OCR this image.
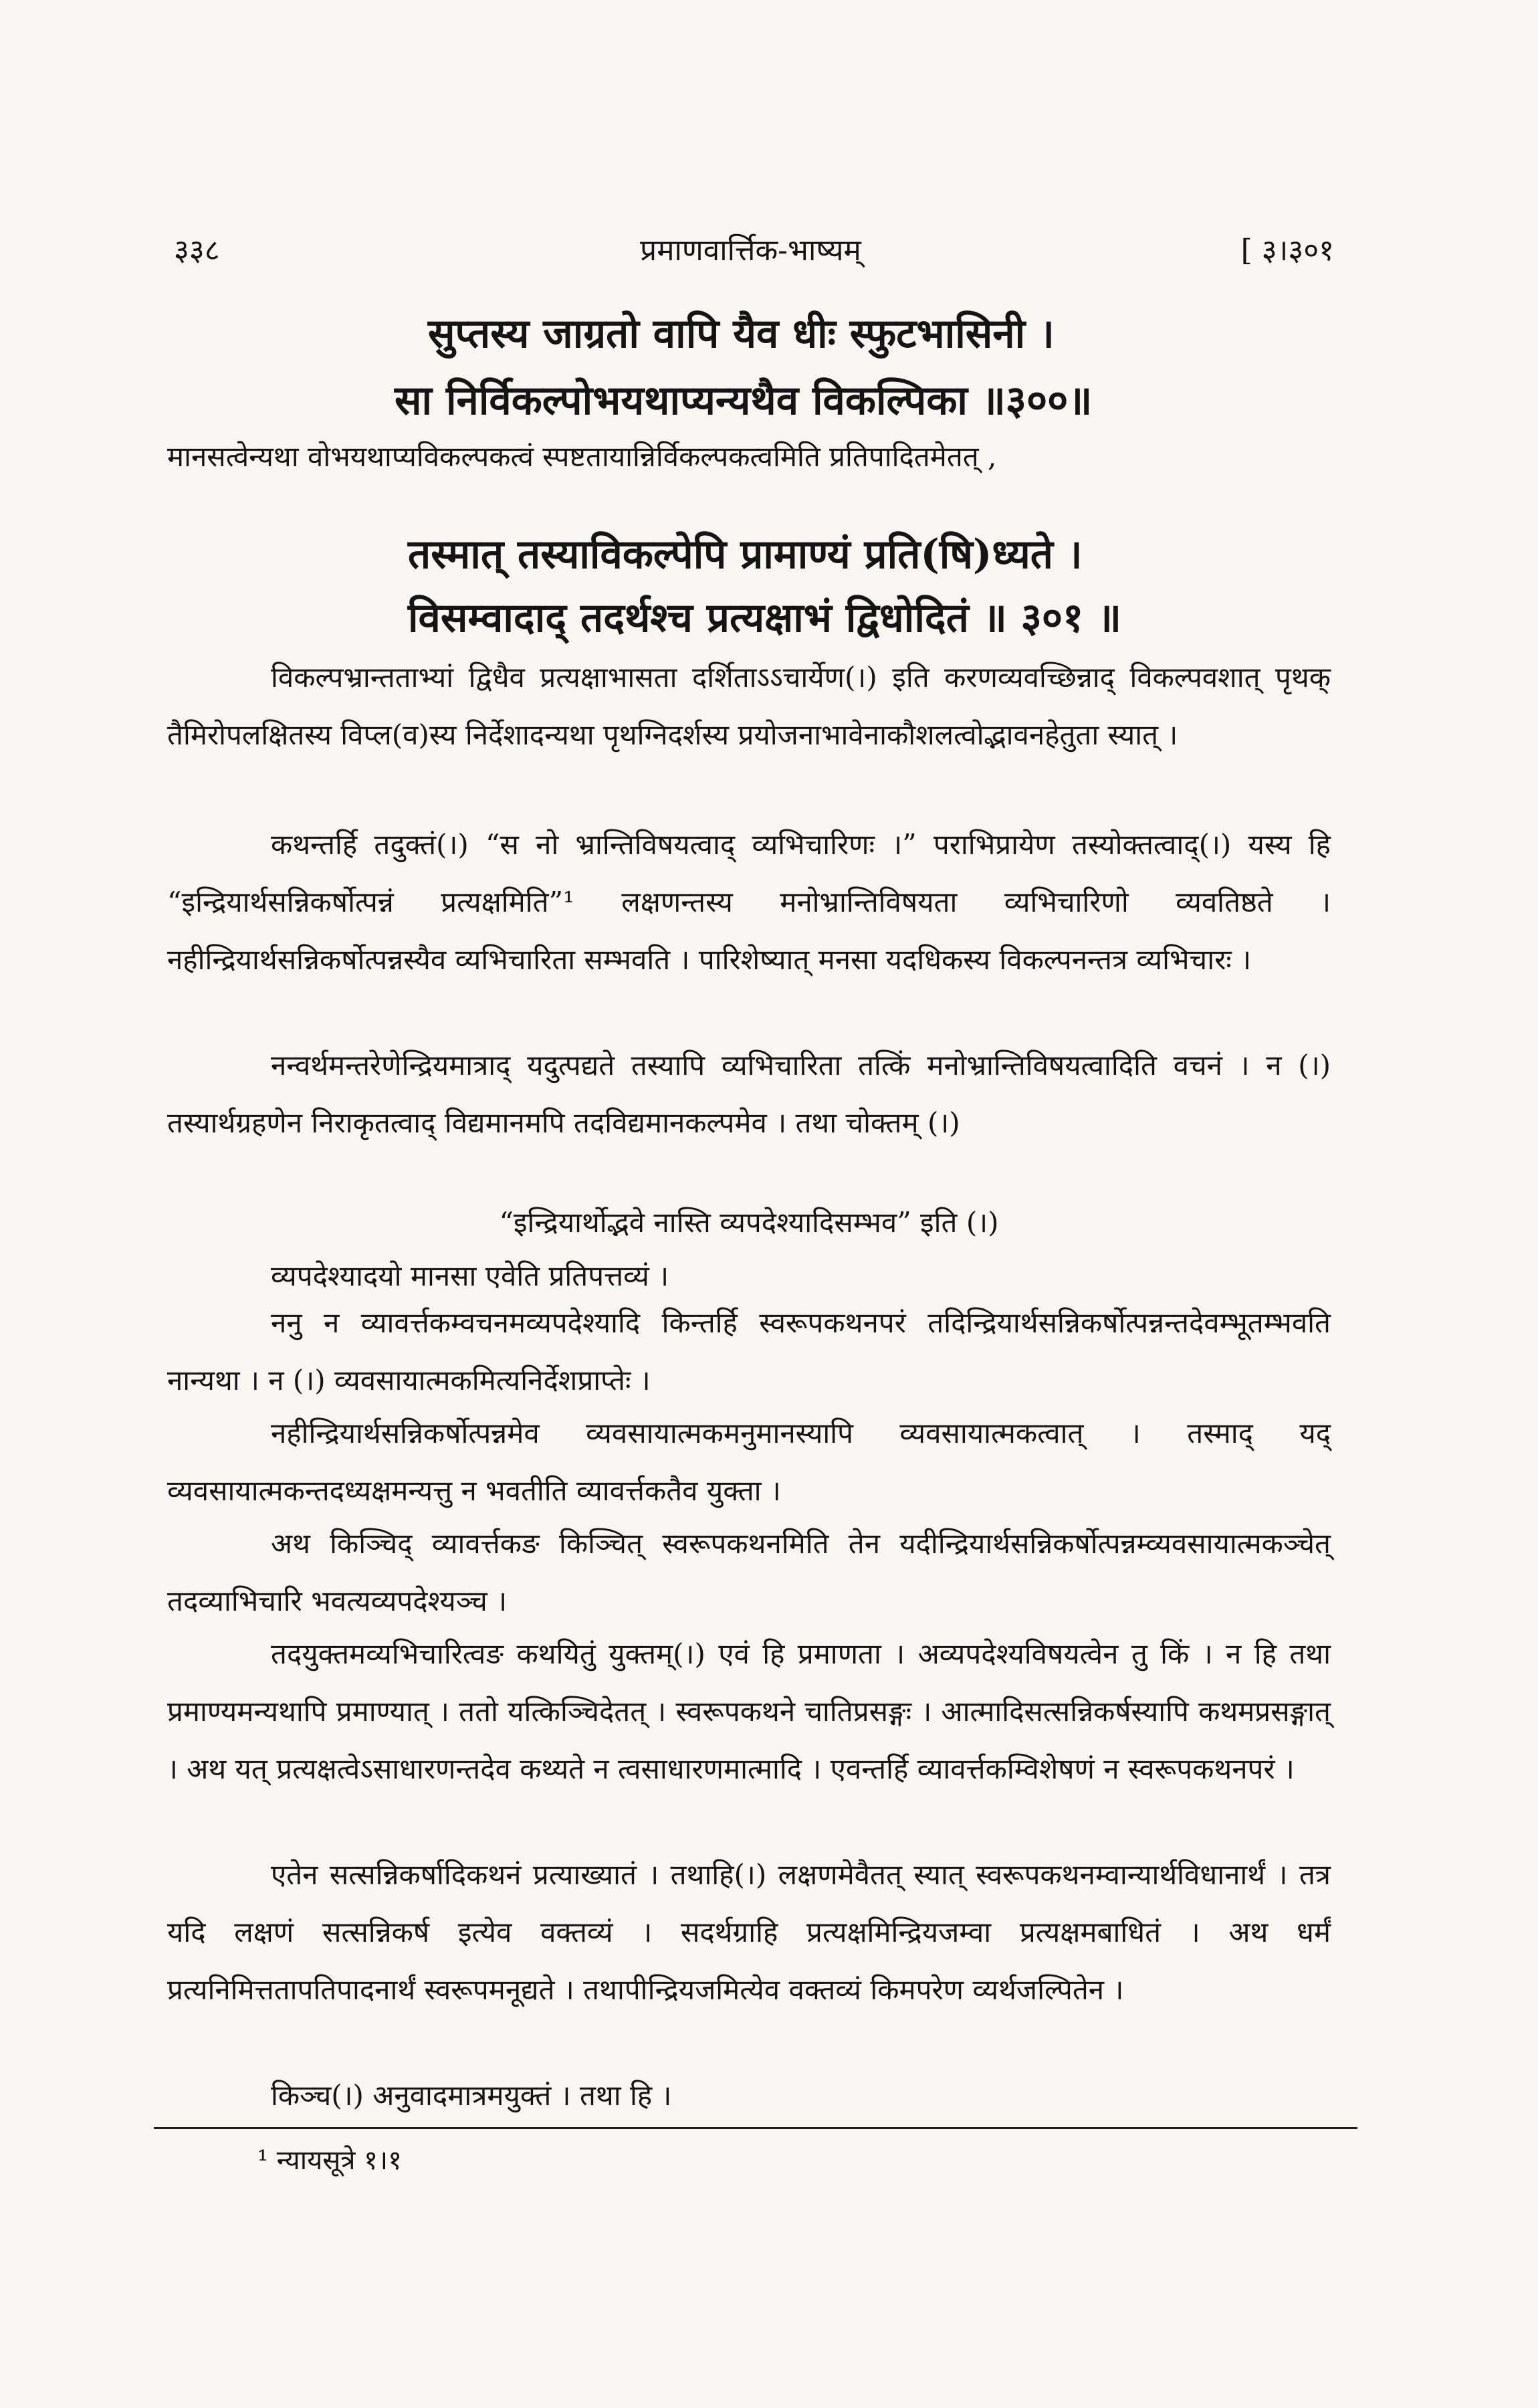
३३८	प्रमाणवार्त्तिक-भाष्यम्	[ ३।३०१
सुप्तस्य जाग्रतो वापि यैव धीः स्फुटभासिनी ।
सा निर्विकल्पोभयथाप्यन्यथैव विकल्पिका ॥३००॥
मानसत्वेन्यथा वोभयथाप्यविकल्पकत्वं स्पष्टतायान्निर्विकल्पकत्वमिति प्रतिपादितमेतत् ,
तस्मात् तस्याविकल्पेपि प्रामाण्यं प्रति(षि)ध्यते ।
विसम्वादाद् तदर्थश्च प्रत्यक्षाभं द्विधोदितं ॥ ३०१ ॥
विकल्पभ्रान्तताभ्यां द्विधैव प्रत्यक्षाभासता दर्शिताऽऽचार्येण(।) इति करणव्यवच्छिन्नाद् विकल्पवशात् पृथक् तैमिरोपलक्षितस्य विप्ल(व)स्य निर्देशादन्यथा पृथग्निदर्शस्य प्रयोजनाभावेनाकौशलत्वोद्भावनहेतुता स्यात् ।
कथन्तर्हि तदुक्तं(।) “स नो भ्रान्तिविषयत्वाद् व्यभिचारिणः ।” पराभिप्रायेण तस्योक्तत्वाद्(।) यस्य हि “इन्द्रियार्थसन्निकर्षोत्पन्नं प्रत्यक्षमिति”¹ लक्षणन्तस्य मनोभ्रान्तिविषयता व्यभिचारिणो व्यवतिष्ठते । नहीन्द्रियार्थसन्निकर्षोत्पन्नस्यैव व्यभिचारिता सम्भवति । पारिशेष्यात् मनसा यदधिकस्य विकल्पनन्तत्र व्यभिचारः ।
नन्वर्थमन्तरेणेन्द्रियमात्राद् यदुत्पद्यते तस्यापि व्यभिचारिता तत्किं मनोभ्रान्तिविषयत्वादिति वचनं । न (।) तस्यार्थग्रहणेन निराकृतत्वाद् विद्यमानमपि तदविद्यमानकल्पमेव । तथा चोक्तम् (।)
“इन्द्रियार्थोद्भवे नास्ति व्यपदेश्यादिसम्भव” इति (।)
व्यपदेश्यादयो मानसा एवेति प्रतिपत्तव्यं ।
ननु न व्यावर्त्तकम्वचनमव्यपदेश्यादि किन्तर्हि स्वरूपकथनपरं तदिन्द्रियार्थसन्निकर्षोत्पन्नन्तदेवम्भूतम्भवति नान्यथा । न (।) व्यवसायात्मकमित्यनिर्देशप्राप्तेः ।
नहीन्द्रियार्थसन्निकर्षोत्पन्नमेव व्यवसायात्मकमनुमानस्यापि व्यवसायात्मकत्वात् । तस्माद् यद् व्यवसायात्मकन्तदध्यक्षमन्यत्तु न भवतीति व्यावर्त्तकतैव युक्ता ।
अथ किञ्चिद् व्यावर्त्तकङ किञ्चित् स्वरूपकथनमिति तेन यदीन्द्रियार्थसन्निकर्षोत्पन्नम्व्यवसायात्मकञ्चेत् तदव्याभिचारि भवत्यव्यपदेश्यञ्च ।
तदयुक्तमव्यभिचारित्वङ कथयितुं युक्तम्(।) एवं हि प्रमाणता । अव्यपदेश्यविषयत्वेन तु किं । न हि तथा प्रमाण्यमन्यथापि प्रमाण्यात् । ततो यत्किञ्चिदेतत् । स्वरूपकथने चातिप्रसङ्गः । आत्मादिसत्सन्निकर्षस्यापि कथमप्रसङ्गात् । अथ यत् प्रत्यक्षत्वेऽसाधारणन्तदेव कथ्यते न त्वसाधारणमात्मादि । एवन्तर्हि व्यावर्त्तकम्विशेषणं न स्वरूपकथनपरं ।
एतेन सत्सन्निकर्षादिकथनं प्रत्याख्यातं । तथाहि(।) लक्षणमेवैतत् स्यात् स्वरूपकथनम्वान्यार्थविधानार्थं । तत्र यदि लक्षणं सत्सन्निकर्ष इत्येव वक्तव्यं । सदर्थग्राहि प्रत्यक्षमिन्द्रियजम्वा प्रत्यक्षमबाधितं । अथ धर्मं प्रत्यनिमित्ततापतिपादनार्थं स्वरूपमनूद्यते । तथापीन्द्रियजमित्येव वक्तव्यं किमपरेण व्यर्थजल्पितेन ।
किञ्च(।) अनुवादमात्रमयुक्तं । तथा हि ।
¹ न्यायसूत्रे १।१
